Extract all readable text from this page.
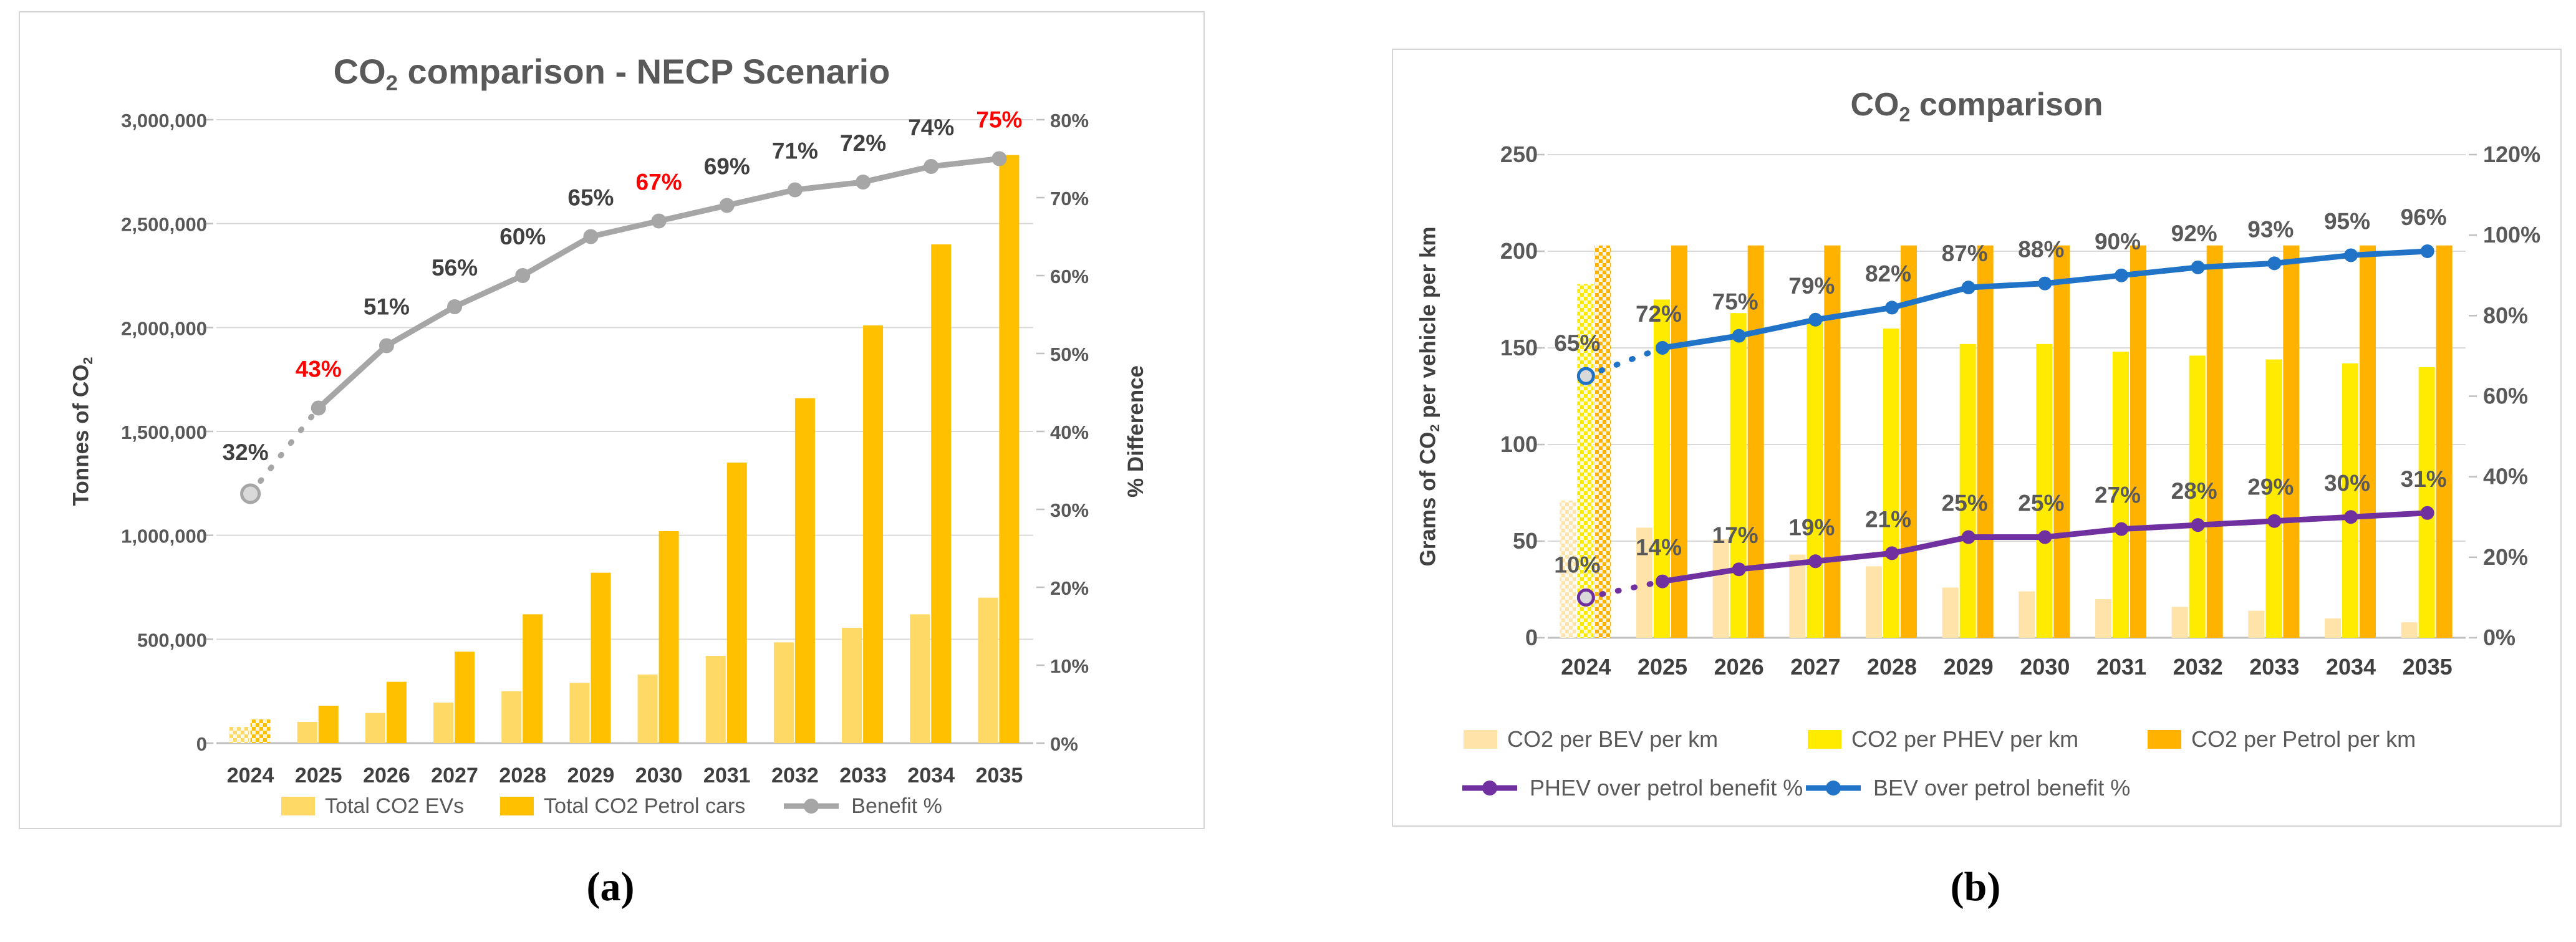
$CO_2$ comparison - NECP Scenario
Tonnes of $CO_2$
% Difference
0
500,000
1,000,000
1,500,000
2,000,000
2,500,000
3,000,000
0%
10%
20%
30%
40%
50%
60%
70%
80%
2024 2025 2026 2027 2028 2029 2030 2031 2032 2033 2034 2035
32%
43%
51%
56%
60%
65%
67%
69%
71% 72%
74% 75%
Total CO2 EVs	Total CO2 Petrol cars	Benefit %
$CO_2$ comparison
Grams of $CO_2$ per vehicle per km
0
50
100
150
200
250
0%
20%
40%
60%
80%
100%
120%
2024 2025 2026 2027 2028 2029 2030 2031 2032 2033 2034 2035
10%
14% 17% 19% 21%
25% 25% 27% 28% 29% 30% 31%
65%
72% 75%
79% 82%
87% 88% 90% 92% 93% 95% 96%
CO2 per BEV per km	CO2 per PHEV per km	CO2 per Petrol per km
PHEV over petrol benefit %	BEV over petrol benefit %
(a)	(b)
